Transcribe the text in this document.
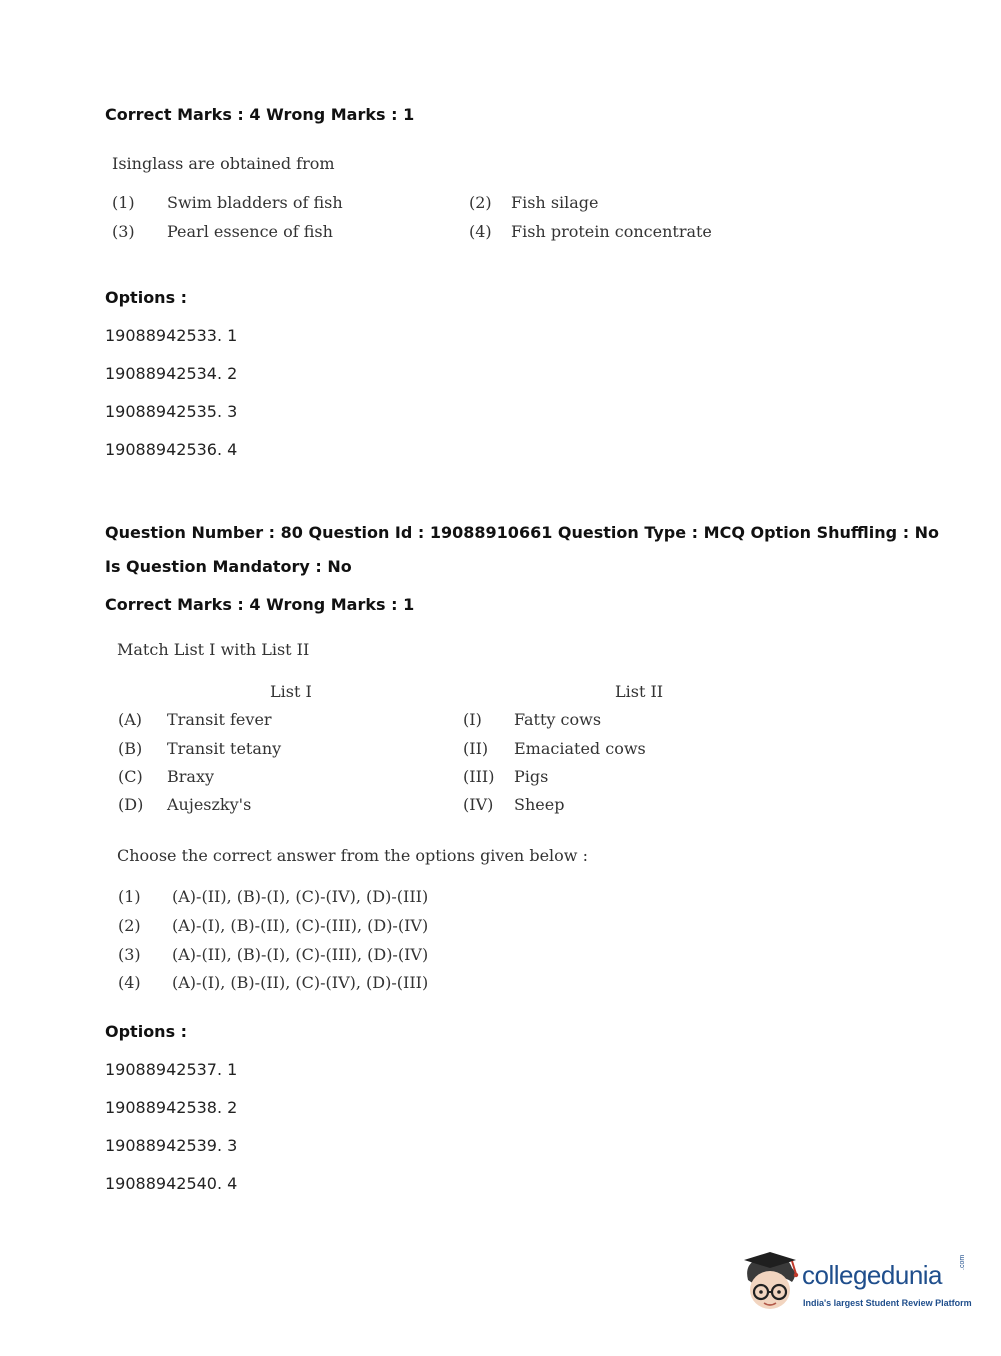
Correct Marks : 4 Wrong Marks : 1
Isinglass are obtained from
(1) Swim bladders of fish	(2) Fish silage
(3) Pearl essence of fish	(4) Fish protein concentrate
Options :
19088942533. 1
19088942534. 2
19088942535. 3
19088942536. 4
Question Number : 80 Question Id : 19088910661 Question Type : MCQ Option Shuffling : No
Is Question Mandatory : No
Correct Marks : 4 Wrong Marks : 1
Match List I with List II
List I	List II
(A) Transit fever	(I) Fatty cows
(B) Transit tetany	(II) Emaciated cows
(C) Braxy	(III) Pigs
(D) Aujeszky's	(IV) Sheep
Choose the correct answer from the options given below :
(1) (A)-(II), (B)-(I), (C)-(IV), (D)-(III)
(2) (A)-(I), (B)-(II), (C)-(III), (D)-(IV)
(3) (A)-(II), (B)-(I), (C)-(III), (D)-(IV)
(4) (A)-(I), (B)-(II), (C)-(IV), (D)-(III)
Options :
19088942537. 1
19088942538. 2
19088942539. 3
19088942540. 4
collegedunia .com
India's largest Student Review Platform
